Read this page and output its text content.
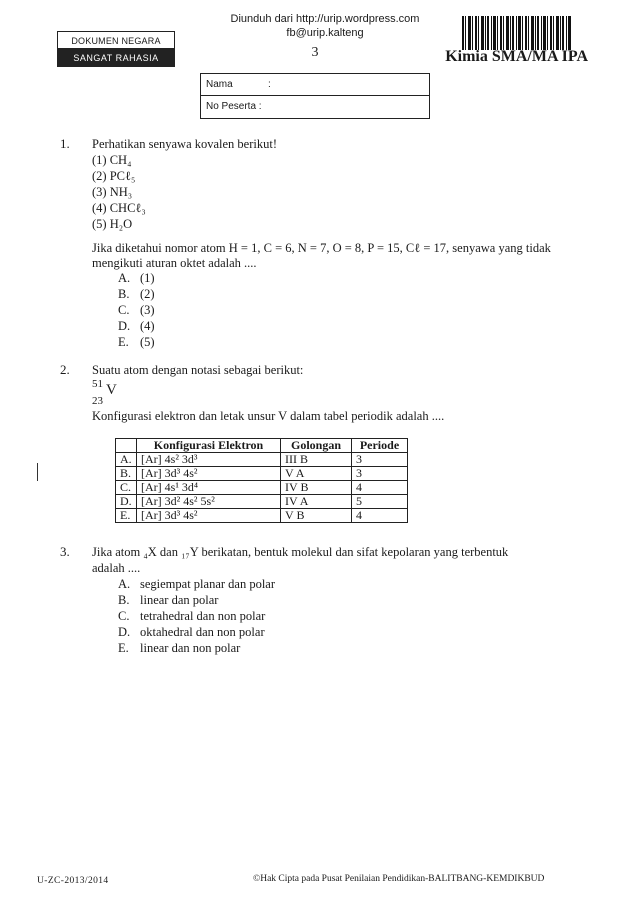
DOKUMEN NEGARA
SANGAT RAHASIA
Diunduh dari http://urip.wordpress.com
fb@urip.kalteng
3	Kimia SMA/MA IPA
Nama	:
No Peserta :
1. Perhatikan senyawa kovalen berikut!
(1) CH₄
(2) PCℓ₅
(3) NH₃
(4) CHCℓ₃
(5) H₂O
Jika diketahui nomor atom H = 1, C = 6, N = 7, O = 8, P = 15, Cℓ = 17, senyawa yang tidak
mengikuti aturan oktet adalah ....
A. (1)
B. (2)
C. (3)
D. (4)
E. (5)
2. Suatu atom dengan notasi sebagai berikut:
51 V
23
Konfigurasi elektron dan letak unsur V dalam tabel periodik adalah ....
	Konfigurasi Elektron	Golongan	Periode
A.	[Ar] 4s² 3d³	III B	3
B.	[Ar] 3d³ 4s²	V A	3
C.	[Ar] 4s¹ 3d⁴	IV B	4
D.	[Ar] 3d² 4s² 5s²	IV A	5
E.	[Ar] 3d³ 4s²	V B	4
3. Jika atom ₄X dan ₁₇Y berikatan, bentuk molekul dan sifat kepolaran yang terbentuk
adalah ....
A. segiempat planar dan polar
B. linear dan polar
C. tetrahedral dan non polar
D. oktahedral dan non polar
E. linear dan non polar
U-ZC-2013/2014	©Hak Cipta pada Pusat Penilaian Pendidikan-BALITBANG-KEMDIKBUD
